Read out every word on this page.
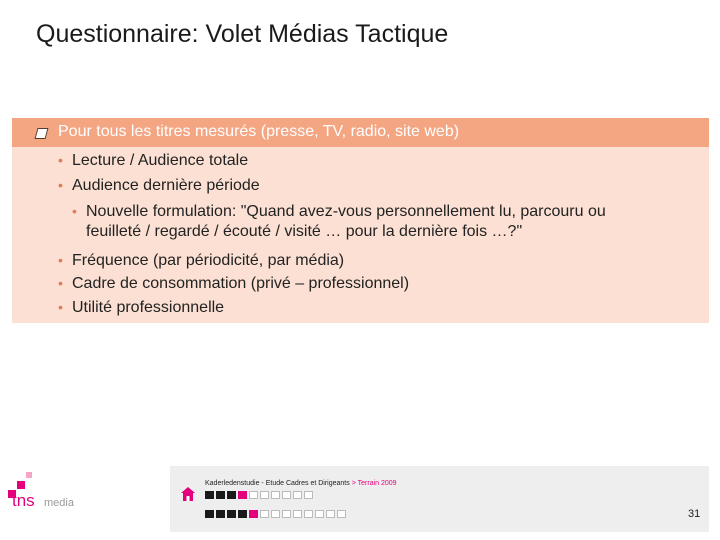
Questionnaire: Volet Médias Tactique
Pour tous les titres mesurés (presse, TV, radio, site web)
• Lecture / Audience totale
• Audience dernière période
• Nouvelle formulation: "Quand avez-vous personnellement lu, parcouru ou
feuilleté / regardé / écouté / visité … pour la dernière fois …?"
• Fréquence (par périodicité, par média)
• Cadre de consommation (privé – professionnel)
• Utilité professionnelle
tns media
Kaderledenstudie - Etude Cadres et Dirigeants > Terrain 2009
31
